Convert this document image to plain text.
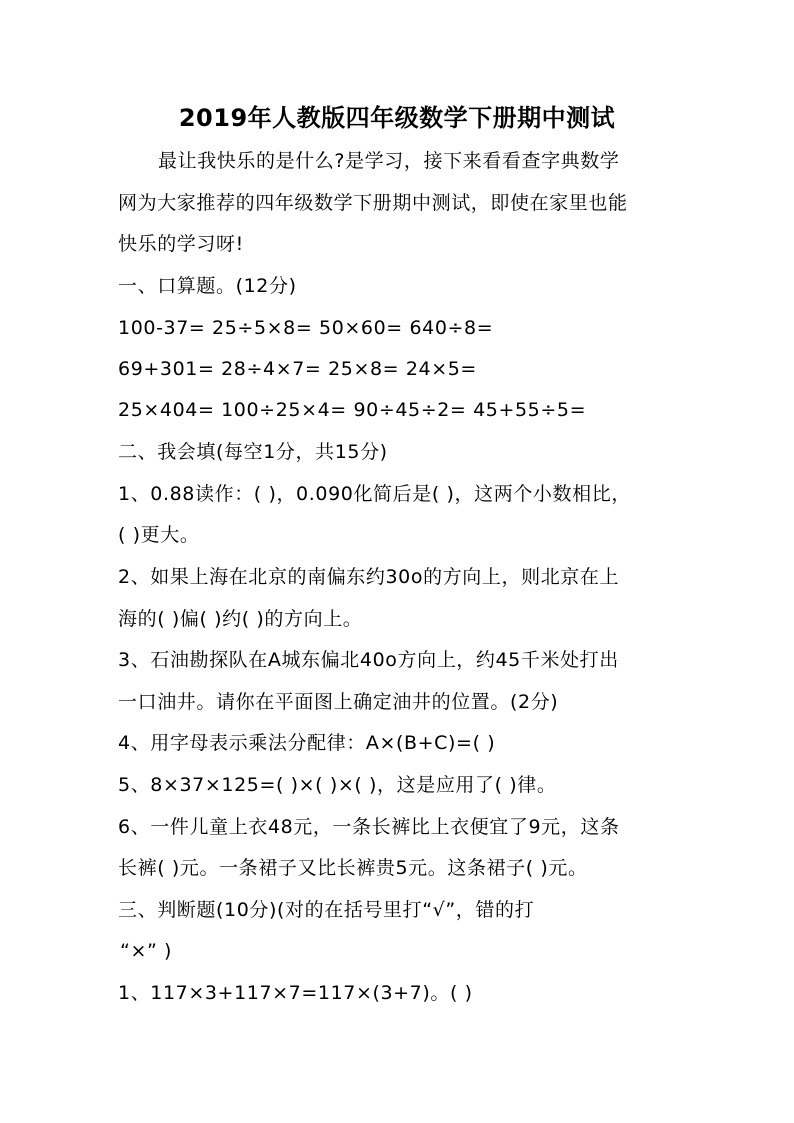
2019年人教版四年级数学下册期中测试
最让我快乐的是什么?是学习，接下来看看查字典数学
网为大家推荐的四年级数学下册期中测试，即使在家里也能
快乐的学习呀!
一、口算题。(12分)
100-37= 25÷5×8= 50×60= 640÷8=
69+301= 28÷4×7= 25×8= 24×5=
25×404= 100÷25×4= 90÷45÷2= 45+55÷5=
二、我会填(每空1分，共15分)
1、0.88读作：( )，0.090化简后是( )，这两个小数相比，
( )更大。
2、如果上海在北京的南偏东约30o的方向上，则北京在上
海的( )偏( )约( )的方向上。
3、石油勘探队在A城东偏北40o方向上，约45千米处打出
一口油井。请你在平面图上确定油井的位置。(2分)
4、用字母表示乘法分配律：A×(B+C)=( )
5、8×37×125=( )×( )×( )，这是应用了( )律。
6、一件儿童上衣48元，一条长裤比上衣便宜了9元，这条
长裤( )元。一条裙子又比长裤贵5元。这条裙子( )元。
三、判断题(10分)(对的在括号里打“√”，错的打
“×” )
1、117×3+117×7=117×(3+7)。( )
